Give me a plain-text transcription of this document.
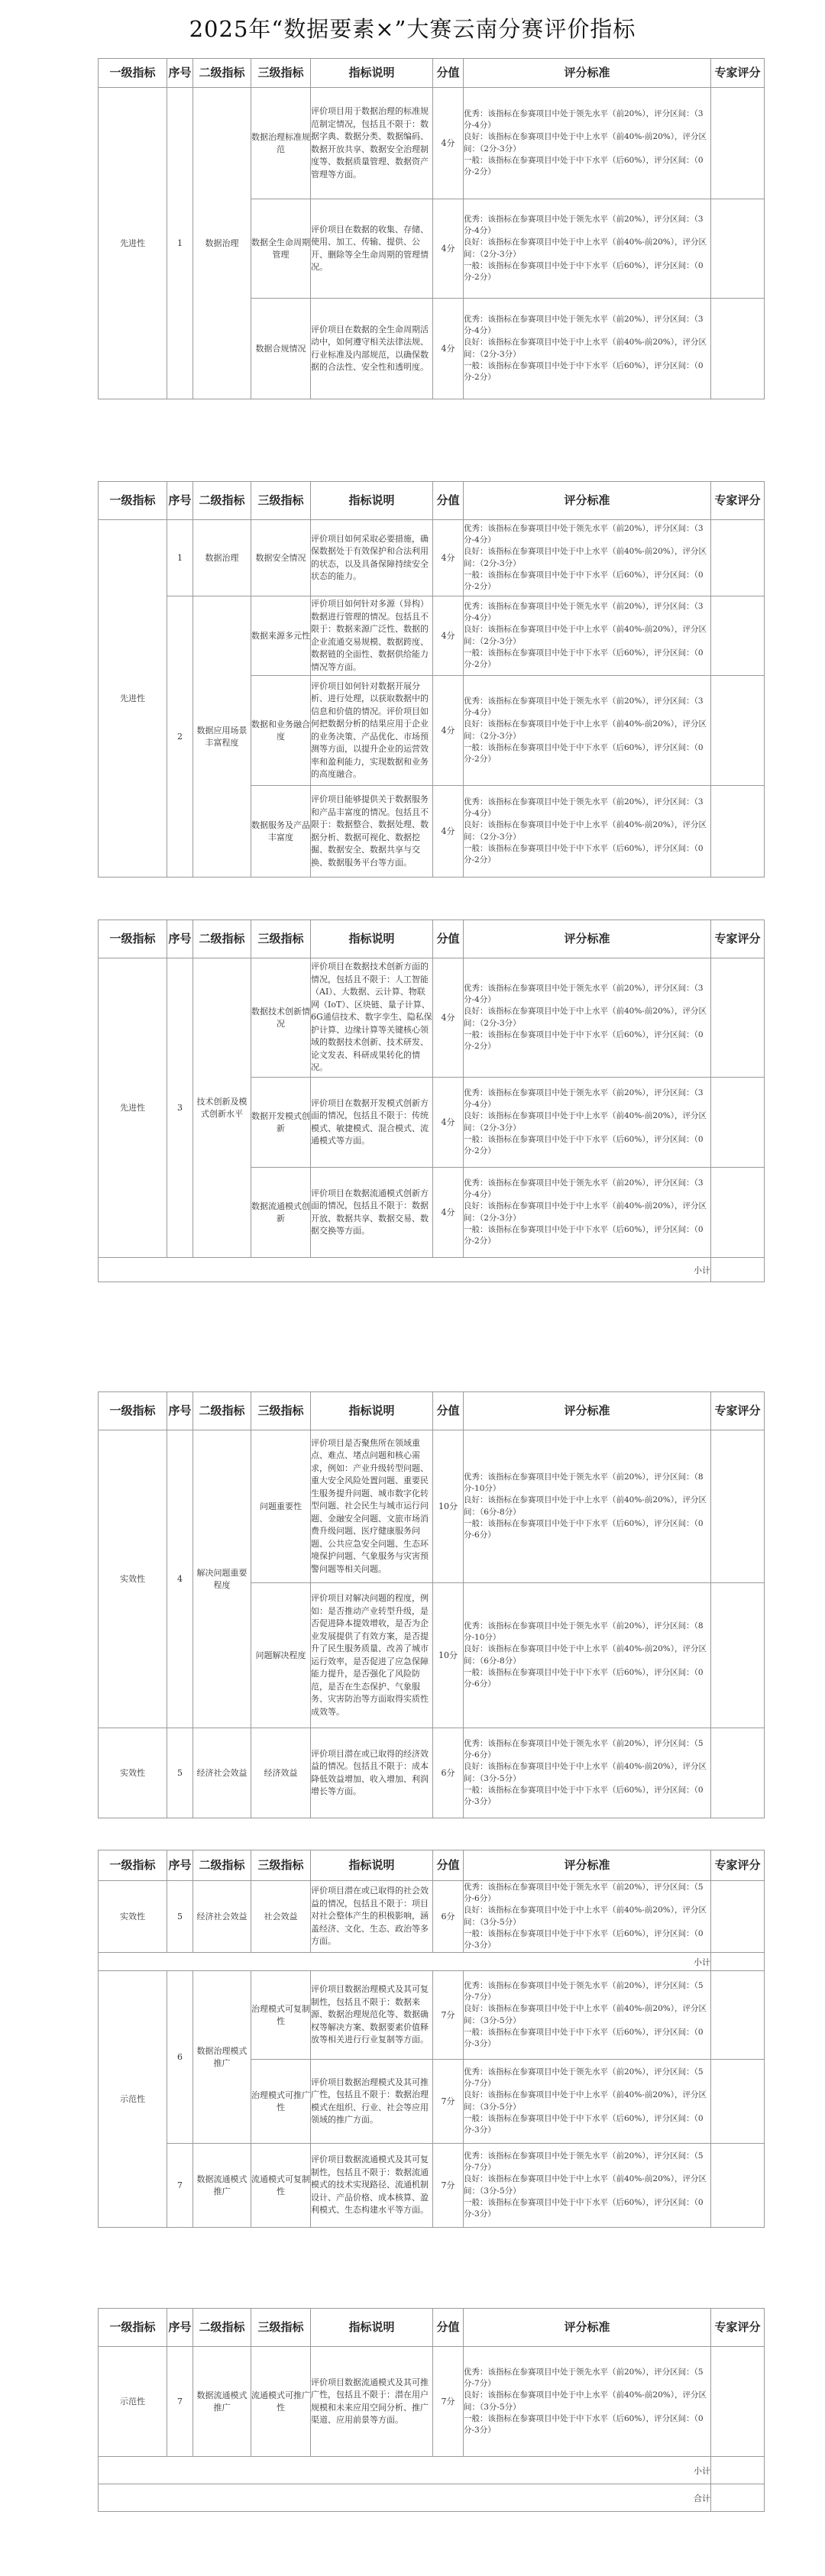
2025年“数据要素×”大赛云南分赛评价指标
一级指标	序号	二级指标	三级指标	指标说明	分值	评分标准	专家评分
先进性	1	数据治理	数据治理标准规范	评价项目用于数据治理的标准规范制定情况，包括且不限于：数据字典、数据分类、数据编码、数据开放共享、数据安全治理制度等、数据质量管理、数据资产管理等方面。	4分	优秀：该指标在参赛项目中处于领先水平（前20%），评分区间：（3分-4分）
良好：该指标在参赛项目中处于中上水平（前40%-前20%），评分区间：（2分-3分）
一般：该指标在参赛项目中处于中下水平（后60%），评分区间：（0分-2分）	

			数据全生命周期管理	评价项目在数据的收集、存储、使用、加工、传输、提供、公开、删除等全生命周期的管理情况。	4分	优秀：该指标在参赛项目中处于领先水平（前20%），评分区间：（3分-4分）
良好：该指标在参赛项目中处于中上水平（前40%-前20%），评分区间：（2分-3分）
一般：该指标在参赛项目中处于中下水平（后60%），评分区间：（0分-2分）	

			数据合规情况	评价项目在数据的全生命周期活动中，如何遵守相关法律法规、行业标准及内部规范，以确保数据的合法性、安全性和透明度。	4分	优秀：该指标在参赛项目中处于领先水平（前20%），评分区间：（3分-4分）
良好：该指标在参赛项目中处于中上水平（前40%-前20%），评分区间：（2分-3分）
一般：该指标在参赛项目中处于中下水平（后60%），评分区间：（0分-2分）	

一级指标	序号	二级指标	三级指标	指标说明	分值	评分标准	专家评分
先进性	1	数据治理	数据安全情况	评价项目如何采取必要措施，确保数据处于有效保护和合法利用的状态，以及具备保障持续安全状态的能力。	4分	优秀：该指标在参赛项目中处于领先水平（前20%），评分区间：（3分-4分）
良好：该指标在参赛项目中处于中上水平（前40%-前20%），评分区间：（2分-3分）
一般：该指标在参赛项目中处于中下水平（后60%），评分区间：（0分-2分）	

	2	数据应用场景丰富程度	数据来源多元性	评价项目如何针对多源（异构）数据进行管理的情况。包括且不限于：数据来源广泛性、数据的企业流通交易规模、数据跨度、数据链的全面性、数据供给能力情况等方面。	4分	优秀：该指标在参赛项目中处于领先水平（前20%），评分区间：（3分-4分）
良好：该指标在参赛项目中处于中上水平（前40%-前20%），评分区间：（2分-3分）
一般：该指标在参赛项目中处于中下水平（后60%），评分区间：（0分-2分）	

			数据和业务融合度	评价项目如何针对数据开展分析、进行处理，以获取数据中的信息和价值的情况。评价项目如何把数据分析的结果应用于企业的业务决策、产品优化、市场预测等方面，以提升企业的运营效率和盈利能力，实现数据和业务的高度融合。	4分	优秀：该指标在参赛项目中处于领先水平（前20%），评分区间：（3分-4分）
良好：该指标在参赛项目中处于中上水平（前40%-前20%），评分区间：（2分-3分）
一般：该指标在参赛项目中处于中下水平（后60%），评分区间：（0分-2分）	

			数据服务及产品丰富度	评价项目能够提供关于数据服务和产品丰富度的情况。包括且不限于：数据整合、数据处理、数据分析、数据可视化、数据挖掘、数据安全、数据共享与交换、数据服务平台等方面。	4分	优秀：该指标在参赛项目中处于领先水平（前20%），评分区间：（3分-4分）
良好：该指标在参赛项目中处于中上水平（前40%-前20%），评分区间：（2分-3分）
一般：该指标在参赛项目中处于中下水平（后60%），评分区间：（0分-2分）	

一级指标	序号	二级指标	三级指标	指标说明	分值	评分标准	专家评分
先进性	3	技术创新及模式创新水平	数据技术创新情况	评价项目在数据技术创新方面的情况，包括且不限于：人工智能（AI）、大数据、云计算、物联网（IoT）、区块链、量子计算、6G通信技术、数字孪生、隐私保护计算、边缘计算等关键核心领域的数据技术创新、技术研发、论文发表、科研成果转化的情况。	4分	优秀：该指标在参赛项目中处于领先水平（前20%），评分区间：（3分-4分）
良好：该指标在参赛项目中处于中上水平（前40%-前20%），评分区间：（2分-3分）
一般：该指标在参赛项目中处于中下水平（后60%），评分区间：（0分-2分）	

			数据开发模式创新	评价项目在数据开发模式创新方面的情况，包括且不限于：传统模式、敏捷模式、混合模式、流通模式等方面。	4分	优秀：该指标在参赛项目中处于领先水平（前20%），评分区间：（3分-4分）
良好：该指标在参赛项目中处于中上水平（前40%-前20%），评分区间：（2分-3分）
一般：该指标在参赛项目中处于中下水平（后60%），评分区间：（0分-2分）	

			数据流通模式创新	评价项目在数据流通模式创新方面的情况，包括且不限于：数据开放、数据共享、数据交易、数据交换等方面。	4分	优秀：该指标在参赛项目中处于领先水平（前20%），评分区间：（3分-4分）
良好：该指标在参赛项目中处于中上水平（前40%-前20%），评分区间：（2分-3分）
一般：该指标在参赛项目中处于中下水平（后60%），评分区间：（0分-2分）	

小计							
一级指标	序号	二级指标	三级指标	指标说明	分值	评分标准	专家评分
实效性	4	解决问题重要程度	问题重要性	评价项目是否聚焦所在领域重点、难点、堵点问题和核心需求，例如：产业升级转型问题、重大安全风险处置问题、重要民生服务提升问题、城市数字化转型问题、社会民生与城市运行问题、金融安全问题、文旅市场消费升级问题、医疗健康服务问题、公共应急安全问题、生态环境保护问题、气象服务与灾害预警问题等相关问题。	10分	优秀：该指标在参赛项目中处于领先水平（前20%），评分区间：（8分-10分）
良好：该指标在参赛项目中处于中上水平（前40%-前20%），评分区间：（6分-8分）
一般：该指标在参赛项目中处于中下水平（后60%），评分区间：（0分-6分）	

			问题解决程度	评价项目对解决问题的程度，例如：是否推动产业转型升级，是否促进降本提效增收，是否为企业发展提供了有效方案，是否提升了民生服务质量、改善了城市运行效率，是否促进了应急保障能力提升，是否强化了风险防范，是否在生态保护、气象服务、灾害防治等方面取得实质性成效等。	10分	优秀：该指标在参赛项目中处于领先水平（前20%），评分区间：（8分-10分）
良好：该指标在参赛项目中处于中上水平（前40%-前20%），评分区间：（6分-8分）
一般：该指标在参赛项目中处于中下水平（后60%），评分区间：（0分-6分）	

实效性	5	经济社会效益	经济效益	评价项目潜在或已取得的经济效益的情况。包括且不限于：成本降低效益增加、收入增加、利润增长等方面。	6分	优秀：该指标在参赛项目中处于领先水平（前20%），评分区间：（5分-6分）
良好：该指标在参赛项目中处于中上水平（前40%-前20%），评分区间：（3分-5分）
一般：该指标在参赛项目中处于中下水平（后60%），评分区间：（0分-3分）	

一级指标	序号	二级指标	三级指标	指标说明	分值	评分标准	专家评分
实效性	5	经济社会效益	社会效益	评价项目潜在或已取得的社会效益的情况，包括且不限于：项目对社会整体产生的积极影响，涵盖经济、文化、生态、政治等多方面。	6分	优秀：该指标在参赛项目中处于领先水平（前20%），评分区间：（5分-6分）
良好：该指标在参赛项目中处于中上水平（前40%-前20%），评分区间：（3分-5分）
一般：该指标在参赛项目中处于中下水平（后60%），评分区间：（0分-3分）	

小计							
示范性	6	数据治理模式推广	治理模式可复制性	评价项目数据治理模式及其可复制性，包括且不限于：数据来源、数据治理规范化等、数据确权等解决方案、数据要素价值释放等相关进行行业复制等方面。	7分	优秀：该指标在参赛项目中处于领先水平（前20%），评分区间：（5分-7分）
良好：该指标在参赛项目中处于中上水平（前40%-前20%），评分区间：（3分-5分）
一般：该指标在参赛项目中处于中下水平（后60%），评分区间：（0分-3分）	

			治理模式可推广性	评价项目数据治理模式及其可推广性，包括且不限于：数据治理模式在组织、行业、社会等应用领域的推广方面。	7分	优秀：该指标在参赛项目中处于领先水平（前20%），评分区间：（5分-7分）
良好：该指标在参赛项目中处于中上水平（前40%-前20%），评分区间：（3分-5分）
一般：该指标在参赛项目中处于中下水平（后60%），评分区间：（0分-3分）	

	7	数据流通模式推广	流通模式可复制性	评价项目数据流通模式及其可复制性，包括且不限于：数据流通模式的技术实现路径、流通机制设计、产品价格、成本核算、盈利模式、生态构建水平等方面。	7分	优秀：该指标在参赛项目中处于领先水平（前20%），评分区间：（5分-7分）
良好：该指标在参赛项目中处于中上水平（前40%-前20%），评分区间：（3分-5分）
一般：该指标在参赛项目中处于中下水平（后60%），评分区间：（0分-3分）	

一级指标	序号	二级指标	三级指标	指标说明	分值	评分标准	专家评分
示范性	7	数据流通模式推广	流通模式可推广性	评价项目数据流通模式及其可推广性，包括且不限于：潜在用户规模和未来应用空间分析、推广渠道、应用前景等方面。	7分	优秀：该指标在参赛项目中处于领先水平（前20%），评分区间：（5分-7分）
良好：该指标在参赛项目中处于中上水平（前40%-前20%），评分区间：（3分-5分）
一般：该指标在参赛项目中处于中下水平（后60%），评分区间：（0分-3分）	

小计							
合计							
